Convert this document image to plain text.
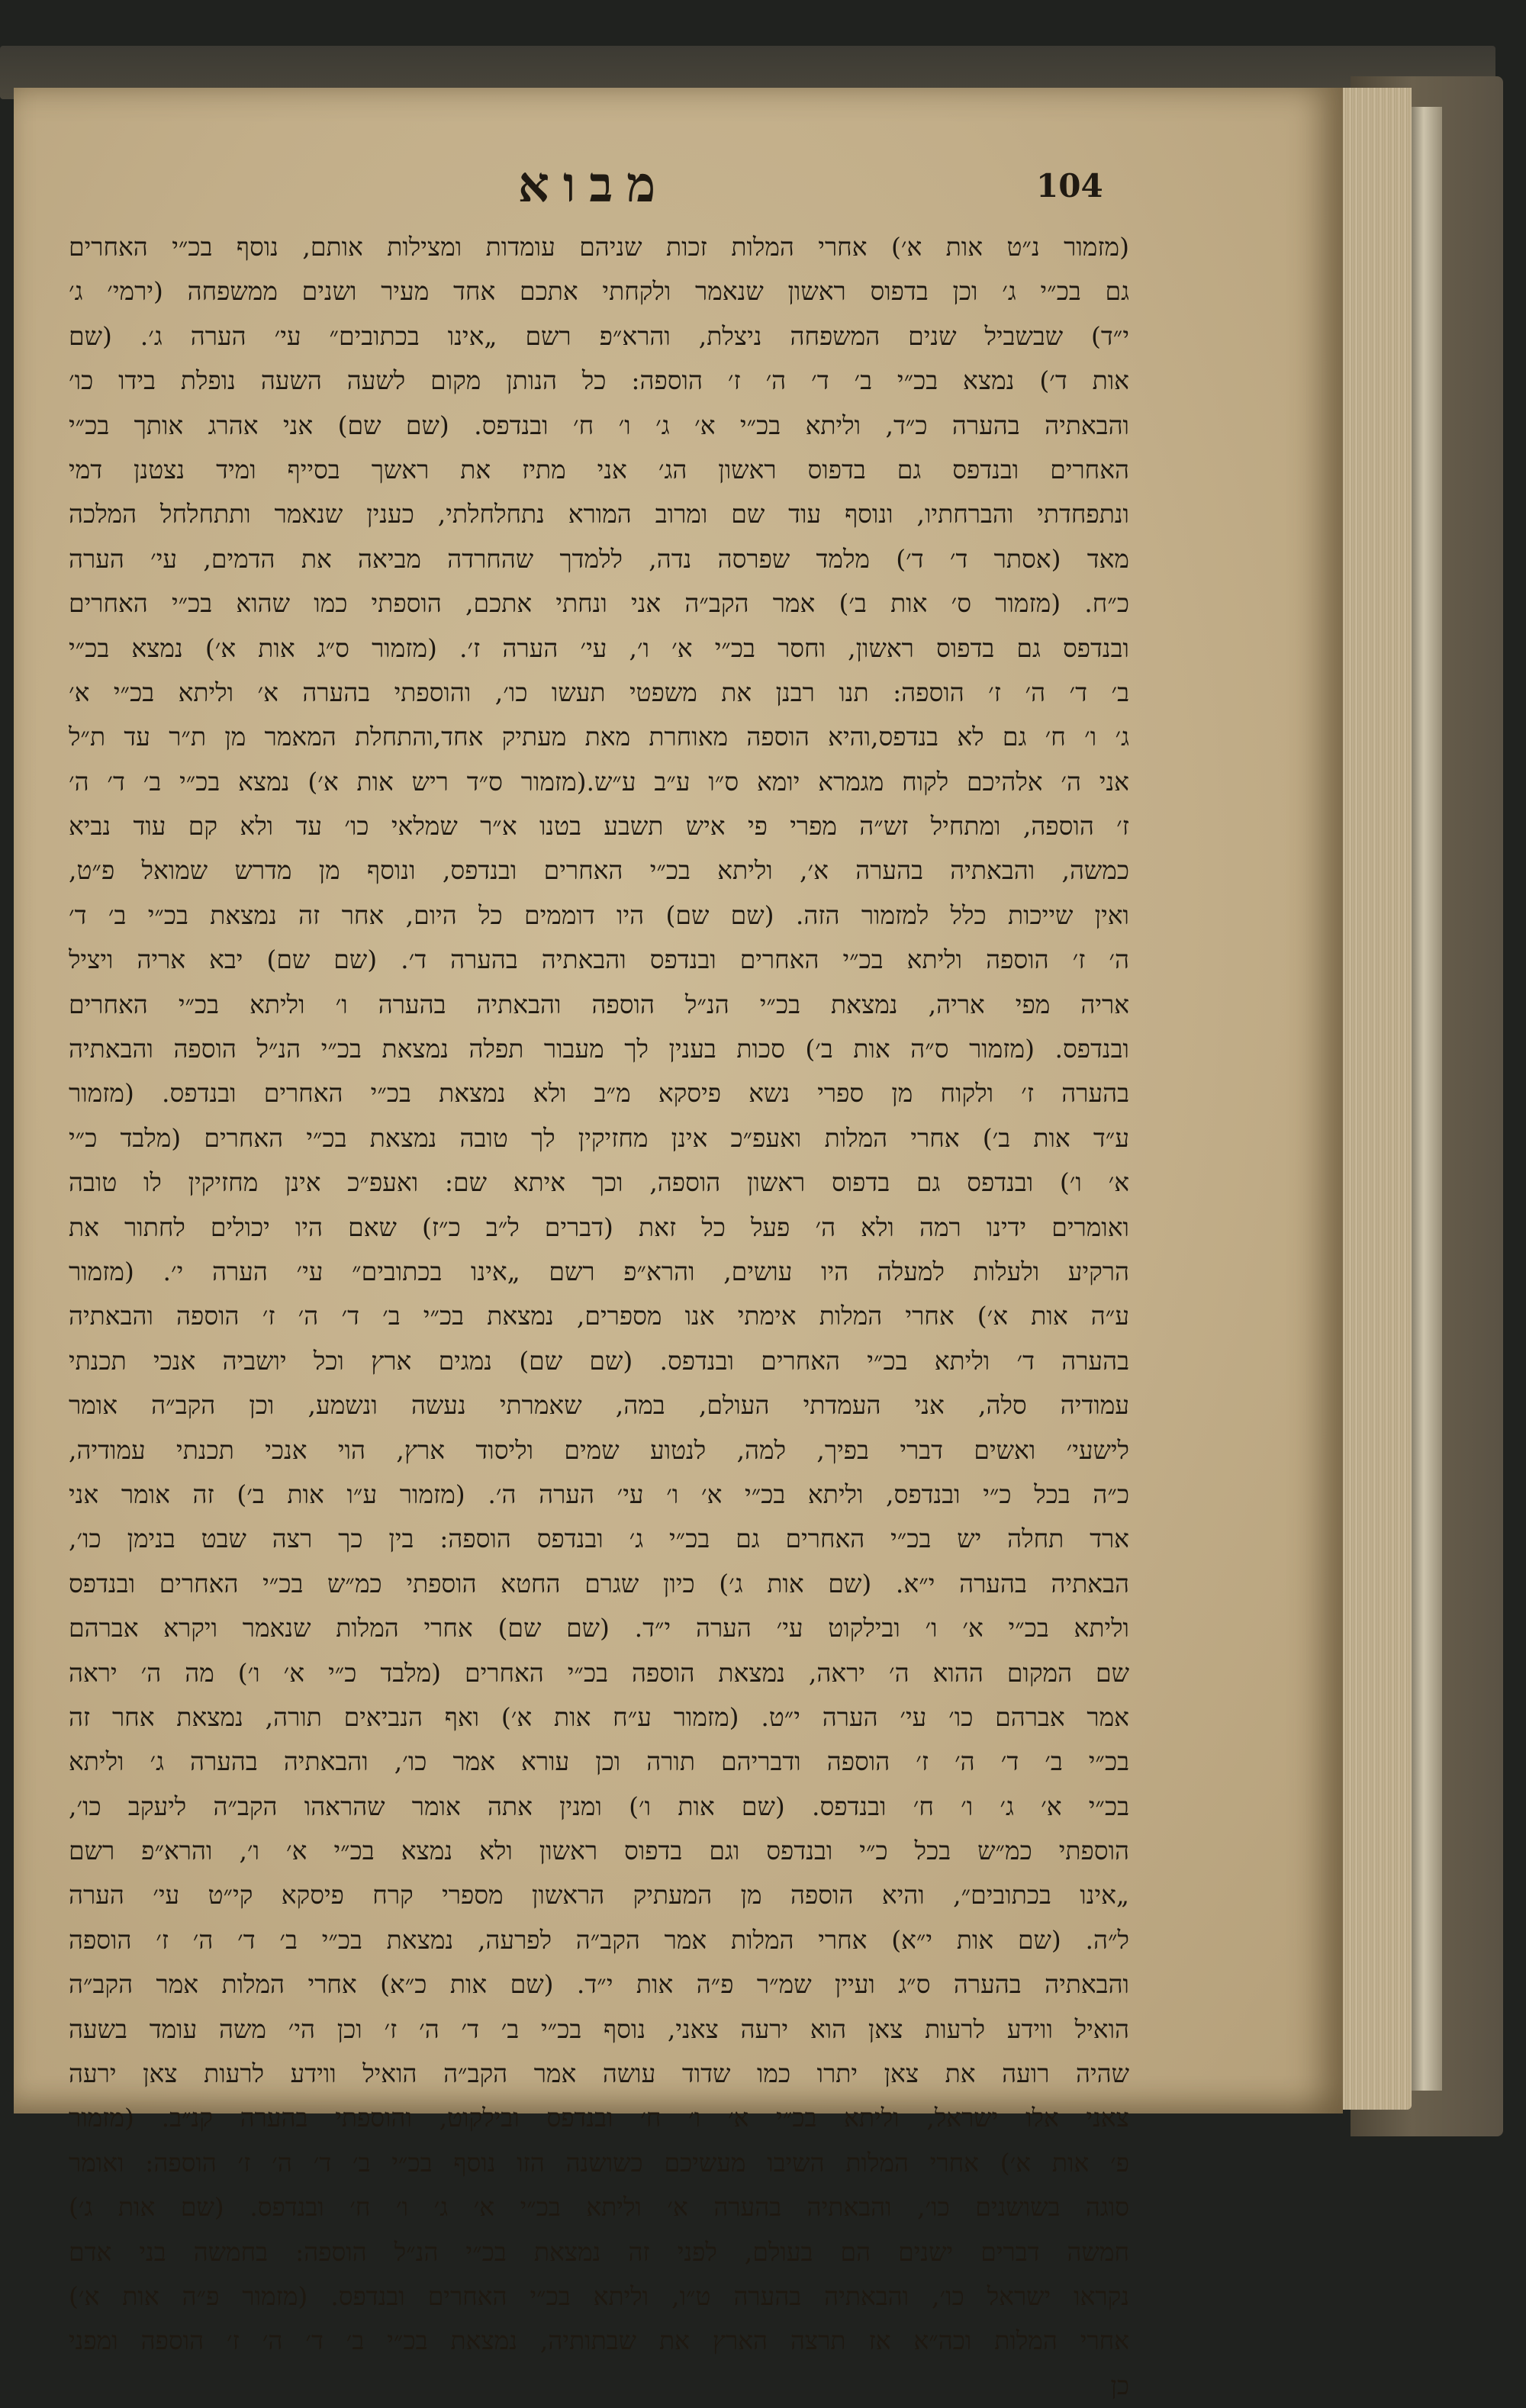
מבוא	104
(מזמור נ״ט אות א׳) אחרי המלות זכות שניהם עומדות ומצילות אותם, נוסף בכ״י האחרים
גם בכ״י ג׳ וכן בדפוס ראשון שנאמר ולקחתי אתכם אחד מעיר ושנים ממשפחה (ירמי׳ ג׳
י״ד) שבשביל שנים המשפחה ניצלת, והרא״פ רשם „אינו בכתובים״ עי׳ הערה ג׳. (שם
אות ד׳) נמצא בכ״י ב׳ ד׳ ה׳ ז׳ הוספה: כל הנותן מקום לשעה השעה נופלת בידו כו׳
והבאתיה בהערה כ״ד, וליתא בכ״י א׳ ג׳ ו׳ ח׳ ובנדפס. (שם שם) אני אהרג אותך בכ״י
האחרים ובנדפס גם בדפוס ראשון הג׳ אני מתיז את ראשך בסייף ומיד נצטנן דמי
ונתפחדתי והברחתיו, ונוסף עוד שם ומרוב המורא נתחלחלתי, כענין שנאמר ותתחלחל המלכה
מאד (אסתר ד׳ ד׳) מלמד שפרסה נדה, ללמדך שהחרדה מביאה את הדמים, עי׳ הערה
כ״ח. (מזמור ס׳ אות ב׳) אמר הקב״ה אני ונחתי אתכם, הוספתי כמו שהוא בכ״י האחרים
ובנדפס גם בדפוס ראשון, וחסר בכ״י א׳ ו׳, עי׳ הערה ז׳. (מזמור ס״ג אות א׳) נמצא בכ״י
ב׳ ד׳ ה׳ ז׳ הוספה: תנו רבנן את משפטי תעשו כו׳, והוספתי בהערה א׳ וליתא בכ״י א׳
ג׳ ו׳ ח׳ גם לא בנדפס,והיא הוספה מאוחרת מאת מעתיק אחד,והתחלת המאמר מן ת״ר עד ת״ל
אני ה׳ אלהיכם לקוח מגמרא יומא ס״ו ע״ב ע״ש.(מזמור ס״ד ריש אות א׳) נמצא בכ״י ב׳ ד׳ ה׳
ז׳ הוספה, ומתחיל זש״ה מפרי פי איש תשבע בטנו א״ר שמלאי כו׳ עד ולא קם עוד נביא
כמשה, והבאתיה בהערה א׳, וליתא בכ״י האחרים ובנדפס, ונוסף מן מדרש שמואל פ״ט,
ואין שייכות כלל למזמור הזה. (שם שם) היו דוממים כל היום, אחר זה נמצאת בכ״י ב׳ ד׳
ה׳ ז׳ הוספה וליתא בכ״י האחרים ובנדפס והבאתיה בהערה ד׳. (שם שם) יבא אריה ויציל
אריה מפי אריה, נמצאת בכ״י הנ״ל הוספה והבאתיה בהערה ו׳ וליתא בכ״י האחרים
ובנדפס. (מזמור ס״ה אות ב׳) סכות בענין לך מעבור תפלה נמצאת בכ״י הנ״ל הוספה והבאתיה
בהערה ז׳ ולקוח מן ספרי נשא פיסקא מ״ב ולא נמצאת בכ״י האחרים ובנדפס. (מזמור
ע״ד אות ב׳) אחרי המלות ואעפ״כ אינן מחזיקין לך טובה נמצאת בכ״י האחרים (מלבד כ״י
א׳ ו׳) ובנדפס גם בדפוס ראשון הוספה, וכך איתא שם: ואעפ״כ אינן מחזיקין לו טובה
ואומרים ידינו רמה ולא ה׳ פעל כל זאת (דברים ל״ב כ״ז) שאם היו יכולים לחתור את
הרקיע ולעלות למעלה היו עושים, והרא״פ רשם „אינו בכתובים״ עי׳ הערה י׳. (מזמור
ע״ה אות א׳) אחרי המלות אימתי אנו מספרים, נמצאת בכ״י ב׳ ד׳ ה׳ ז׳ הוספה והבאתיה
בהערה ד׳ וליתא בכ״י האחרים ובנדפס. (שם שם) נמגים ארץ וכל יושביה אנכי תכנתי
עמודיה סלה, אני העמדתי העולם, במה, שאמרתי נעשה ונשמע, וכן הקב״ה אומר
לישעי׳ ואשים דברי בפיך, למה, לנטוע שמים וליסוד ארץ, הוי אנכי תכנתי עמודיה,
כ״ה בכל כ״י ובנדפס, וליתא בכ״י א׳ ו׳ עי׳ הערה ה׳. (מזמור ע״ו אות ב׳) זה אומר אני
ארד תחלה יש בכ״י האחרים גם בכ״י ג׳ ובנדפס הוספה: בין כך רצה שבט בנימן כו׳,
הבאתיה בהערה י״א. (שם אות ג׳) כיון שגרם החטא הוספתי כמ״ש בכ״י האחרים ובנדפס
וליתא בכ״י א׳ ו׳ ובילקוט עי׳ הערה י״ד. (שם שם) אחרי המלות שנאמר ויקרא אברהם
שם המקום ההוא ה׳ יראה, נמצאת הוספה בכ״י האחרים (מלבד כ״י א׳ ו׳) מה ה׳ יראה
אמר אברהם כו׳ עי׳ הערה י״ט. (מזמור ע״ח אות א׳) ואף הנביאים תורה, נמצאת אחר זה
בכ״י ב׳ ד׳ ה׳ ז׳ הוספה ודבריהם תורה וכן עורא אמר כו׳, והבאתיה בהערה ג׳ וליתא
בכ״י א׳ ג׳ ו׳ ח׳ ובנדפס. (שם אות ו׳) ומנין אתה אומר שהראהו הקב״ה ליעקב כו׳,
הוספתי כמ״ש בכל כ״י ובנדפס וגם בדפוס ראשון ולא נמצא בכ״י א׳ ו׳, והרא״פ רשם
„אינו בכתובים״, והיא הוספה מן המעתיק הראשון מספרי קרח פיסקא קי״ט עי׳ הערה
ל״ה. (שם אות י״א) אחרי המלות אמר הקב״ה לפרעה, נמצאת בכ״י ב׳ ד׳ ה׳ ז׳ הוספה
והבאתיה בהערה ס״ג ועיין שמ״ר פ״ה אות י״ד. (שם אות כ״א) אחרי המלות אמר הקב״ה
הואיל ווידע לרעות צאן הוא ירעה צאני, נוסף בכ״י ב׳ ד׳ ה׳ ז׳ וכן הי׳ משה עומד בשעה
שהיה רועה את צאן יתרו כמו שדוד עושה אמר הקב״ה הואיל ווידע לרעות צאן ירעה
צאני אלו ישראל, וליתא בכ״י א׳ ו׳ ח׳ ובנדפס ובילקוט, והוספתי בהערה קנ״ב. (מזמור
פ׳ אות א׳) אחרי המלות השיבו מעשיכם כשושנה הזו נוסף בכ״י ב׳ ד׳ ה׳ ז׳ הוספה: ואומר
סוגה בשושנים כו׳, והבאתיה בהערה א׳ וליתא בכ״י א׳ ג׳ ו׳ ח׳ ובנדפס. (שם אות ג׳)
חמשה דברים ישנים הם בעולם, לפני זה נמצאת בכ״י הנ״ל הוספה: בחמשה בני אדם
נקראו ישראל כו׳, והבאתיה בהערה ט״ו, וליתא בכ״י האחרים ובנדפס. (מזמור פ״ה אות א׳)
אחרי המלות וכה״א אז תרצה הארץ את שבתותיה, נמצאת בכ״י ב׳ ד׳ ה׳ ז׳ הוספה ומפני
כן
